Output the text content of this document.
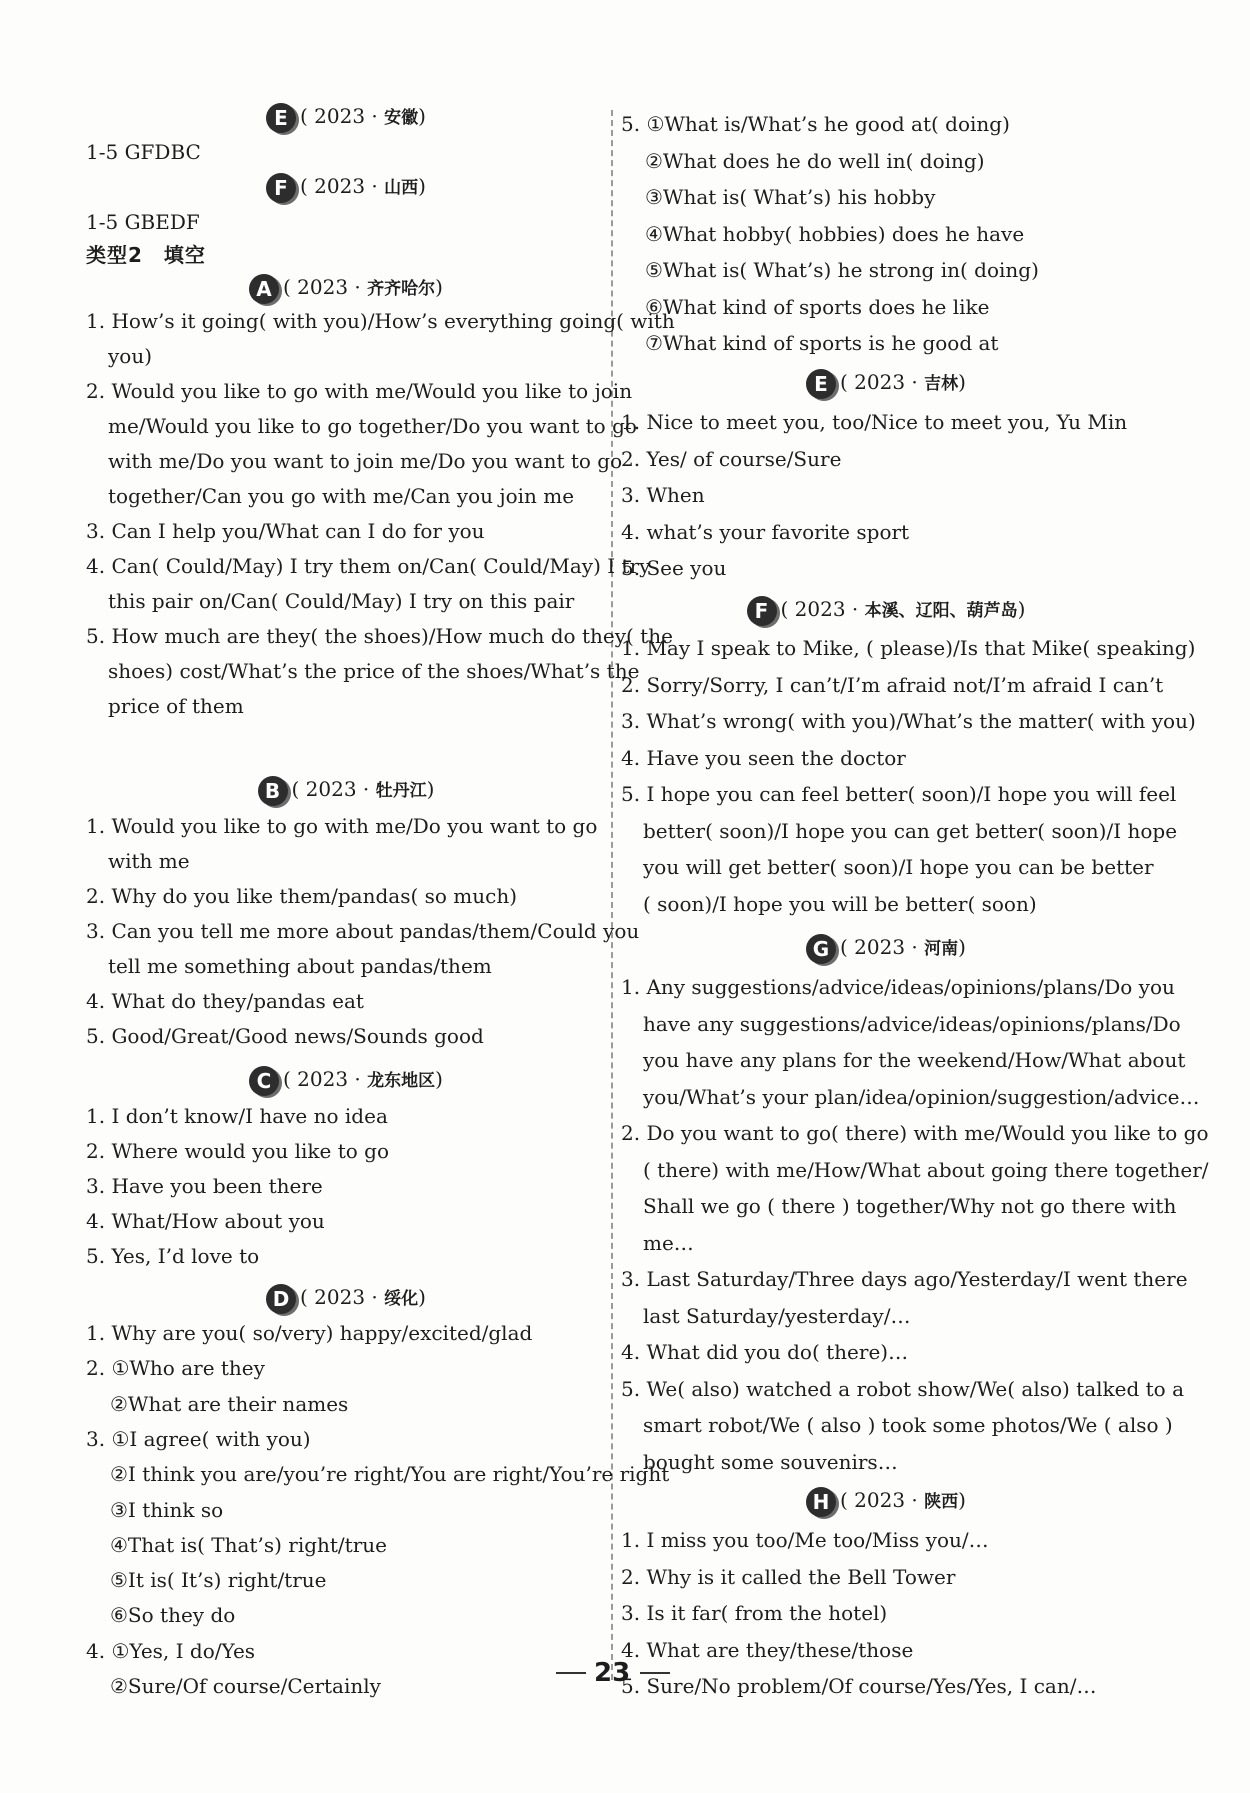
E ( 2023 · 安徽)
1-5 GFDBC
F ( 2023 · 山西)
1-5 GBEDF
类型2　填空
A ( 2023 · 齐齐哈尔)
1. How’s it going( with you)/How’s everything going( with
you)
2. Would you like to go with me/Would you like to join
me/Would you like to go together/Do you want to go
with me/Do you want to join me/Do you want to go
together/Can you go with me/Can you join me
3. Can I help you/What can I do for you
4. Can( Could/May) I try them on/Can( Could/May) I try
this pair on/Can( Could/May) I try on this pair
5. How much are they( the shoes)/How much do they( the
shoes) cost/What’s the price of the shoes/What’s the
price of them
B ( 2023 · 牡丹江)
1. Would you like to go with me/Do you want to go
with me
2. Why do you like them/pandas( so much)
3. Can you tell me more about pandas/them/Could you
tell me something about pandas/them
4. What do they/pandas eat
5. Good/Great/Good news/Sounds good
C ( 2023 · 龙东地区)
1. I don’t know/I have no idea
2. Where would you like to go
3. Have you been there
4. What/How about you
5. Yes, I’d love to
D ( 2023 · 绥化)
1. Why are you( so/very) happy/excited/glad
2. ①Who are they
②What are their names
3. ①I agree( with you)
②I think you are/you’re right/You are right/You’re right
③I think so
④That is( That’s) right/true
⑤It is( It’s) right/true
⑥So they do
4. ①Yes, I do/Yes
②Sure/Of course/Certainly
5. ①What is/What’s he good at( doing)
②What does he do well in( doing)
③What is( What’s) his hobby
④What hobby( hobbies) does he have
⑤What is( What’s) he strong in( doing)
⑥What kind of sports does he like
⑦What kind of sports is he good at
E ( 2023 · 吉林)
1. Nice to meet you, too/Nice to meet you, Yu Min
2. Yes/ of course/Sure
3. When
4. what’s your favorite sport
5. See you
F ( 2023 · 本溪、辽阳、葫芦岛)
1. May I speak to Mike, ( please)/Is that Mike( speaking)
2. Sorry/Sorry, I can’t/I’m afraid not/I’m afraid I can’t
3. What’s wrong( with you)/What’s the matter( with you)
4. Have you seen the doctor
5. I hope you can feel better( soon)/I hope you will feel
better( soon)/I hope you can get better( soon)/I hope
you will get better( soon)/I hope you can be better
( soon)/I hope you will be better( soon)
G ( 2023 · 河南)
1. Any suggestions/advice/ideas/opinions/plans/Do you
have any suggestions/advice/ideas/opinions/plans/Do
you have any plans for the weekend/How/What about
you/What’s your plan/idea/opinion/suggestion/advice…
2. Do you want to go( there) with me/Would you like to go
( there) with me/How/What about going there together/
Shall we go ( there ) together/Why not go there with
me…
3. Last Saturday/Three days ago/Yesterday/I went there
last Saturday/yesterday/…
4. What did you do( there)…
5. We( also) watched a robot show/We( also) talked to a
smart robot/We ( also ) took some photos/We ( also )
bought some souvenirs…
H ( 2023 · 陕西)
1. I miss you too/Me too/Miss you/…
2. Why is it called the Bell Tower
3. Is it far( from the hotel)
4. What are they/these/those
5. Sure/No problem/Of course/Yes/Yes, I can/…
23
